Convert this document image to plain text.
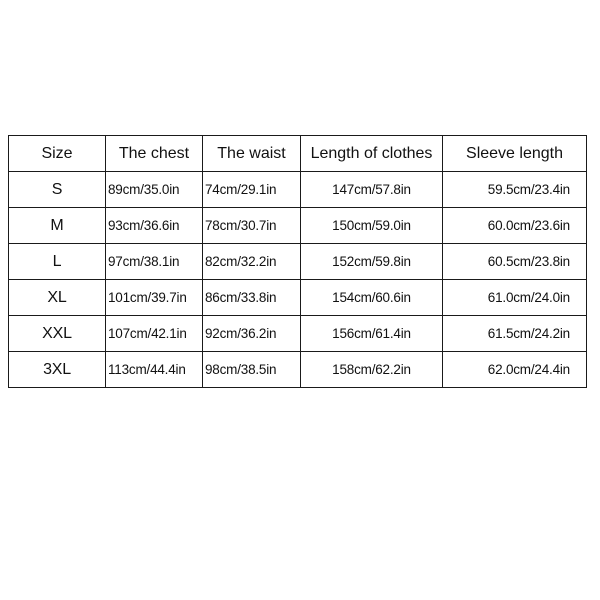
Size	The chest	The waist	Length of clothes	Sleeve length
S	89cm/35.0in	74cm/29.1in	147cm/57.8in	59.5cm/23.4in
M	93cm/36.6in	78cm/30.7in	150cm/59.0in	60.0cm/23.6in
L	97cm/38.1in	82cm/32.2in	152cm/59.8in	60.5cm/23.8in
XL	101cm/39.7in	86cm/33.8in	154cm/60.6in	61.0cm/24.0in
XXL	107cm/42.1in	92cm/36.2in	156cm/61.4in	61.5cm/24.2in
3XL	113cm/44.4in	98cm/38.5in	158cm/62.2in	62.0cm/24.4in
